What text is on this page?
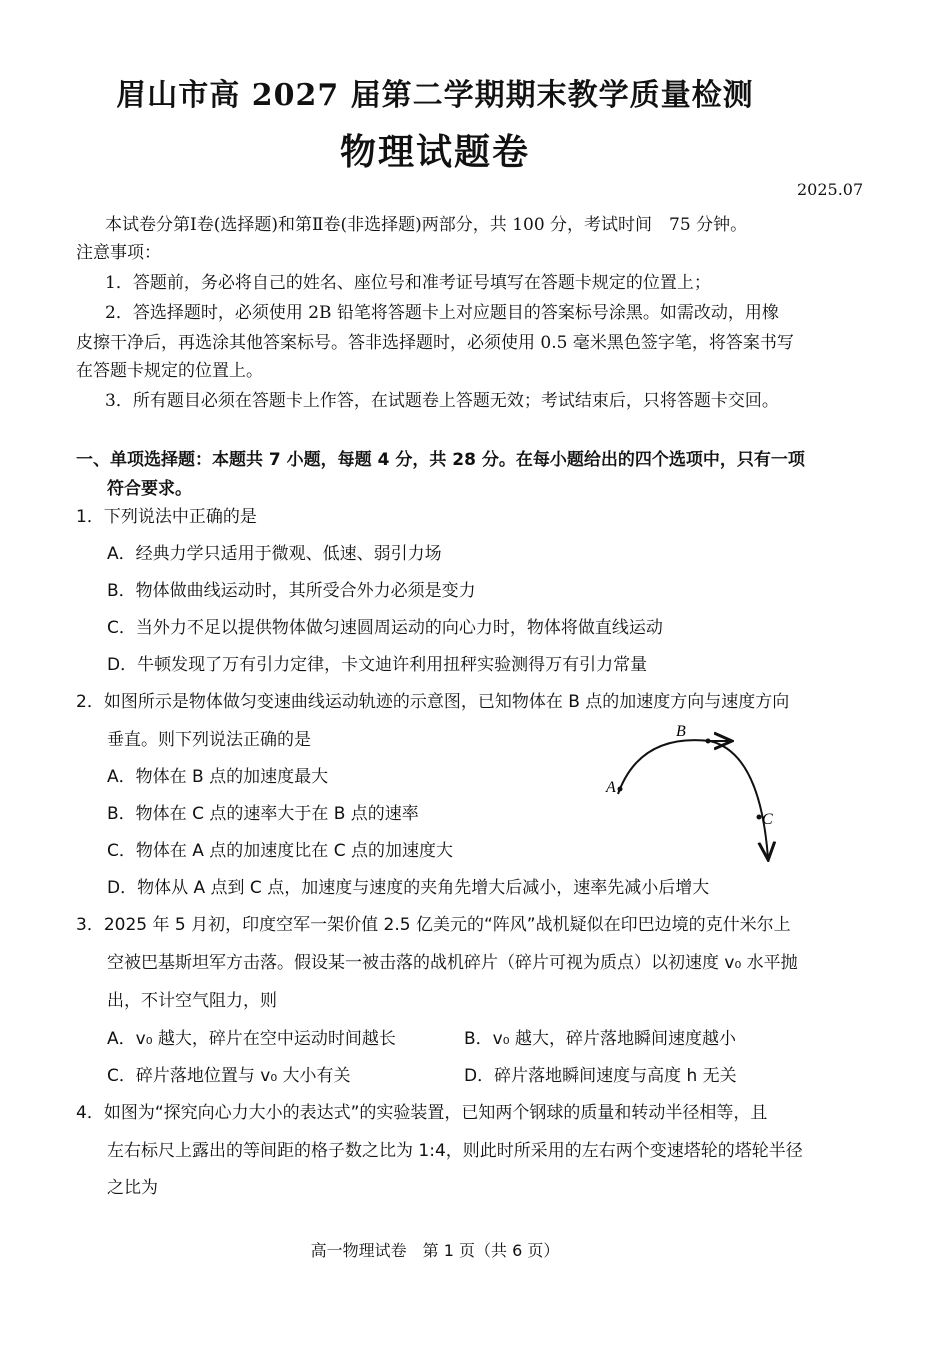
眉山市高 2027 届第二学期期末教学质量检测
物理试题卷
2025.07
本试卷分第Ⅰ卷(选择题)和第Ⅱ卷(非选择题)两部分，共 100 分，考试时间　75 分钟。
注意事项：
1．答题前，务必将自己的姓名、座位号和准考证号填写在答题卡规定的位置上；
2．答选择题时，必须使用 2B 铅笔将答题卡上对应题目的答案标号涂黑。如需改动，用橡
皮擦干净后，再选涂其他答案标号。答非选择题时，必须使用 0.5 毫米黑色签字笔，将答案书写
在答题卡规定的位置上。
3．所有题目必须在答题卡上作答，在试题卷上答题无效；考试结束后，只将答题卡交回。
一、单项选择题：本题共 7 小题，每题 4 分，共 28 分。在每小题给出的四个选项中，只有一项
符合要求。
1．下列说法中正确的是
A．经典力学只适用于微观、低速、弱引力场
B．物体做曲线运动时，其所受合外力必须是变力
C．当外力不足以提供物体做匀速圆周运动的向心力时，物体将做直线运动
D．牛顿发现了万有引力定律，卡文迪许利用扭秤实验测得万有引力常量
2．如图所示是物体做匀变速曲线运动轨迹的示意图，已知物体在 B 点的加速度方向与速度方向
垂直。则下列说法正确的是
A．物体在 B 点的加速度最大
B．物体在 C 点的速率大于在 B 点的速率
C．物体在 A 点的加速度比在 C 点的加速度大
D．物体从 A 点到 C 点，加速度与速度的夹角先增大后减小，速率先减小后增大
A
B
C
3．2025 年 5 月初，印度空军一架价值 2.5 亿美元的“阵风”战机疑似在印巴边境的克什米尔上
空被巴基斯坦军方击落。假设某一被击落的战机碎片（碎片可视为质点）以初速度 v₀ 水平抛
出，不计空气阻力，则
A．v₀ 越大，碎片在空中运动时间越长	B．v₀ 越大，碎片落地瞬间速度越小
C．碎片落地位置与 v₀ 大小有关	D．碎片落地瞬间速度与高度 h 无关
4．如图为“探究向心力大小的表达式”的实验装置，已知两个钢球的质量和转动半径相等，且
左右标尺上露出的等间距的格子数之比为 1:4，则此时所采用的左右两个变速塔轮的塔轮半径
之比为
高一物理试卷　第 1 页（共 6 页）
